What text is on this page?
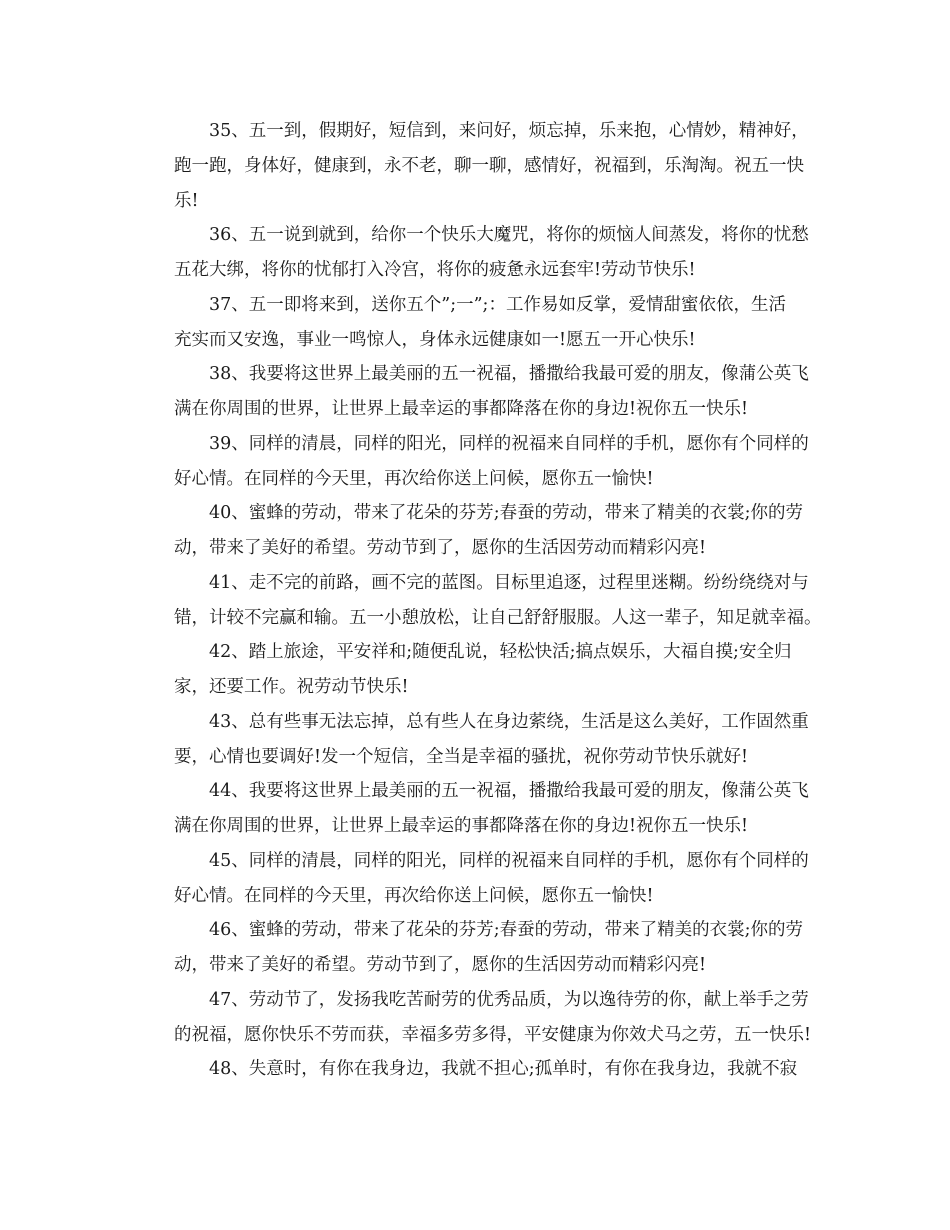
35、五一到，假期好，短信到，来问好，烦忘掉，乐来抱，心情妙，精神好，
跑一跑，身体好，健康到，永不老，聊一聊，感情好，祝福到，乐淘淘。祝五一快
乐!
36、五一说到就到，给你一个快乐大魔咒，将你的烦恼人间蒸发，将你的忧愁
五花大绑，将你的忧郁打入冷宫，将你的疲惫永远套牢!劳动节快乐!
37、五一即将来到，送你五个”;一”;：工作易如反掌，爱情甜蜜依依，生活
充实而又安逸，事业一鸣惊人，身体永远健康如一!愿五一开心快乐!
38、我要将这世界上最美丽的五一祝福，播撒给我最可爱的朋友，像蒲公英飞
满在你周围的世界，让世界上最幸运的事都降落在你的身边!祝你五一快乐!
39、同样的清晨，同样的阳光，同样的祝福来自同样的手机，愿你有个同样的
好心情。在同样的今天里，再次给你送上问候，愿你五一愉快!
40、蜜蜂的劳动，带来了花朵的芬芳;春蚕的劳动，带来了精美的衣裳;你的劳
动，带来了美好的希望。劳动节到了，愿你的生活因劳动而精彩闪亮!
41、走不完的前路，画不完的蓝图。目标里追逐，过程里迷糊。纷纷绕绕对与
错，计较不完赢和输。五一小憩放松，让自己舒舒服服。人这一辈子，知足就幸福。
42、踏上旅途，平安祥和;随便乱说，轻松快活;搞点娱乐，大福自摸;安全归
家，还要工作。祝劳动节快乐!
43、总有些事无法忘掉，总有些人在身边萦绕，生活是这么美好，工作固然重
要，心情也要调好!发一个短信，全当是幸福的骚扰，祝你劳动节快乐就好!
44、我要将这世界上最美丽的五一祝福，播撒给我最可爱的朋友，像蒲公英飞
满在你周围的世界，让世界上最幸运的事都降落在你的身边!祝你五一快乐!
45、同样的清晨，同样的阳光，同样的祝福来自同样的手机，愿你有个同样的
好心情。在同样的今天里，再次给你送上问候，愿你五一愉快!
46、蜜蜂的劳动，带来了花朵的芬芳;春蚕的劳动，带来了精美的衣裳;你的劳
动，带来了美好的希望。劳动节到了，愿你的生活因劳动而精彩闪亮!
47、劳动节了，发扬我吃苦耐劳的优秀品质，为以逸待劳的你，献上举手之劳
的祝福，愿你快乐不劳而获，幸福多劳多得，平安健康为你效犬马之劳，五一快乐!
48、失意时，有你在我身边，我就不担心;孤单时，有你在我身边，我就不寂
